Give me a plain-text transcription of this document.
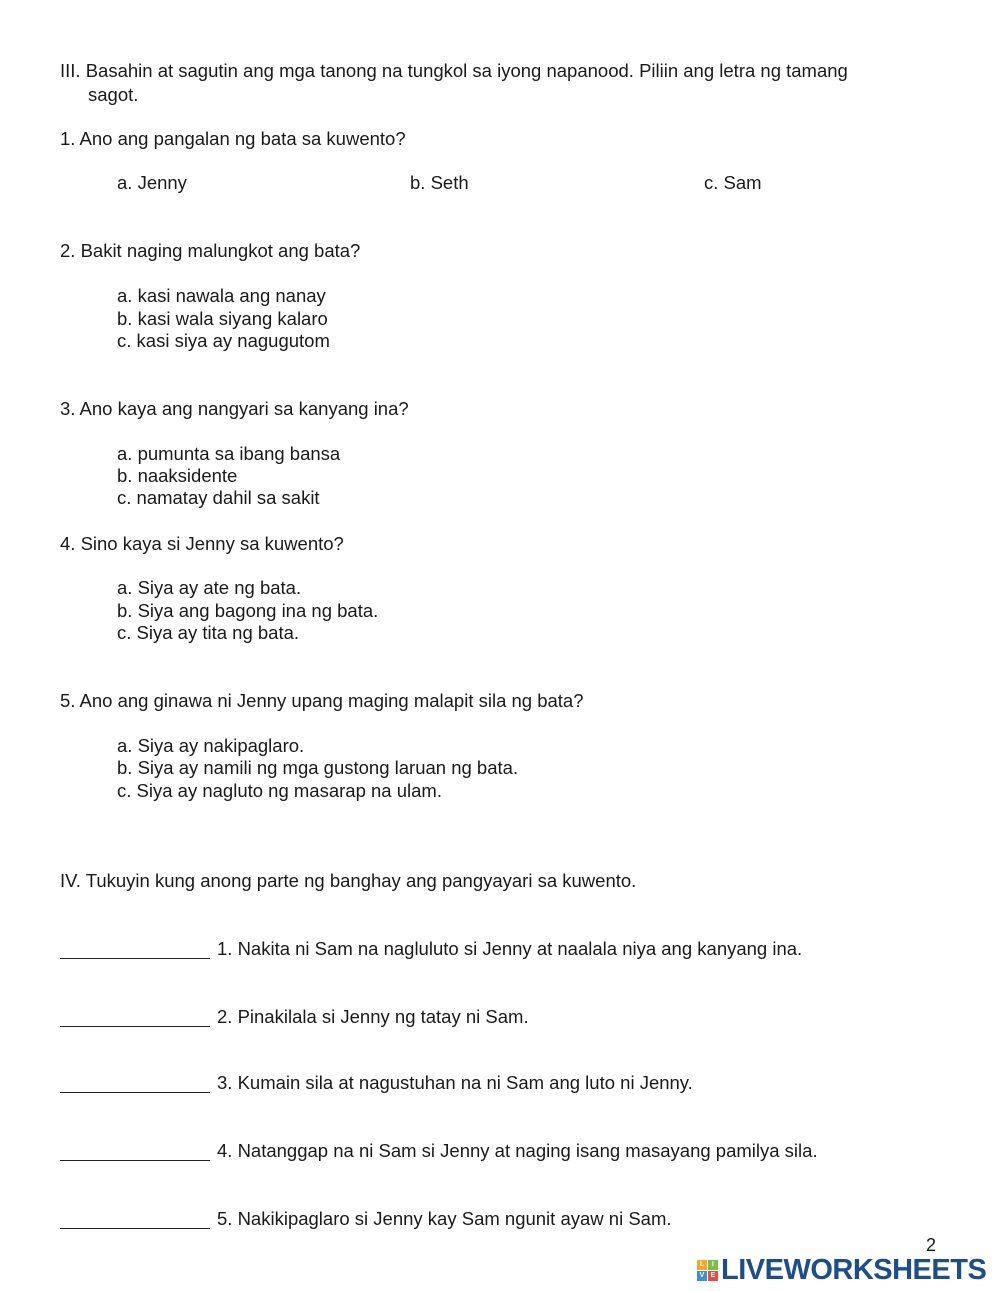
III. Basahin at sagutin ang mga tanong na tungkol sa iyong napanood. Piliin ang letra ng tamang
sagot.
1. Ano ang pangalan ng bata sa kuwento?
a. Jenny	b. Seth	c. Sam
2. Bakit naging malungkot ang bata?
a. kasi nawala ang nanay
b. kasi wala siyang kalaro
c. kasi siya ay nagugutom
3. Ano kaya ang nangyari sa kanyang ina?
a. pumunta sa ibang bansa
b. naaksidente
c. namatay dahil sa sakit
4. Sino kaya si Jenny sa kuwento?
a. Siya ay ate ng bata.
b. Siya ang bagong ina ng bata.
c. Siya ay tita ng bata.
5. Ano ang ginawa ni Jenny upang maging malapit sila ng bata?
a. Siya ay nakipaglaro.
b. Siya ay namili ng mga gustong laruan ng bata.
c. Siya ay nagluto ng masarap na ulam.
IV. Tukuyin kung anong parte ng banghay ang pangyayari sa kuwento.
1. Nakita ni Sam na nagluluto si Jenny at naalala niya ang kanyang ina.
2. Pinakilala si Jenny ng tatay ni Sam.
3. Kumain sila at nagustuhan na ni Sam ang luto ni Jenny.
4. Natanggap na ni Sam si Jenny at naging isang masayang pamilya sila.
5. Nakikipaglaro si Jenny kay Sam ngunit ayaw ni Sam.
2
L	I
V E LIVEWORKSHEETS
